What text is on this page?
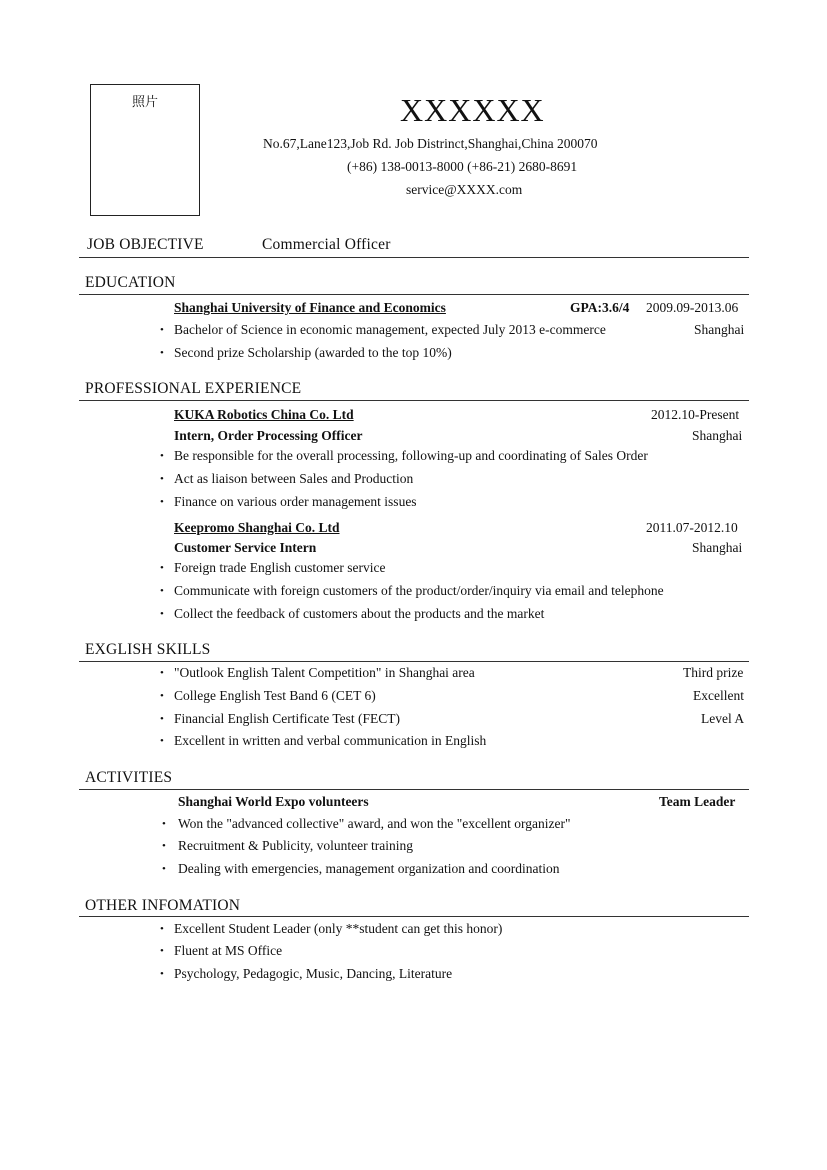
照片	XXXXXX
No.67,Lane123,Job Rd. Job Distrinct,Shanghai,China 200070
(+86) 138-0013-8000 (+86-21) 2680-8691
service@XXXX.com
JOB OBJECTIVE	Commercial Officer
EDUCATION
Shanghai University of Finance and Economics	GPA:3.6/4 2009.09-2013.06
• Bachelor of Science in economic management, expected July 2013 e-commerce	Shanghai
• Second prize Scholarship (awarded to the top 10%)
PROFESSIONAL EXPERIENCE
KUKA Robotics China Co. Ltd	2012.10-Present
Intern, Order Processing Officer	Shanghai
• Be responsible for the overall processing, following-up and coordinating of Sales Order
• Act as liaison between Sales and Production
• Finance on various order management issues
Keepromo Shanghai Co. Ltd	2011.07-2012.10
Customer Service Intern	Shanghai
• Foreign trade English customer service
• Communicate with foreign customers of the product/order/inquiry via email and telephone
• Collect the feedback of customers about the products and the market
EXGLISH SKILLS
• "Outlook English Talent Competition" in Shanghai area	Third prize
• College English Test Band 6 (CET 6)	Excellent
• Financial English Certificate Test (FECT)	Level A
• Excellent in written and verbal communication in English
ACTIVITIES
Shanghai World Expo volunteers	Team Leader
• Won the "advanced collective" award, and won the "excellent organizer"
• Recruitment & Publicity, volunteer training
• Dealing with emergencies, management organization and coordination
OTHER INFOMATION
• Excellent Student Leader (only **student can get this honor)
• Fluent at MS Office
• Psychology, Pedagogic, Music, Dancing, Literature
